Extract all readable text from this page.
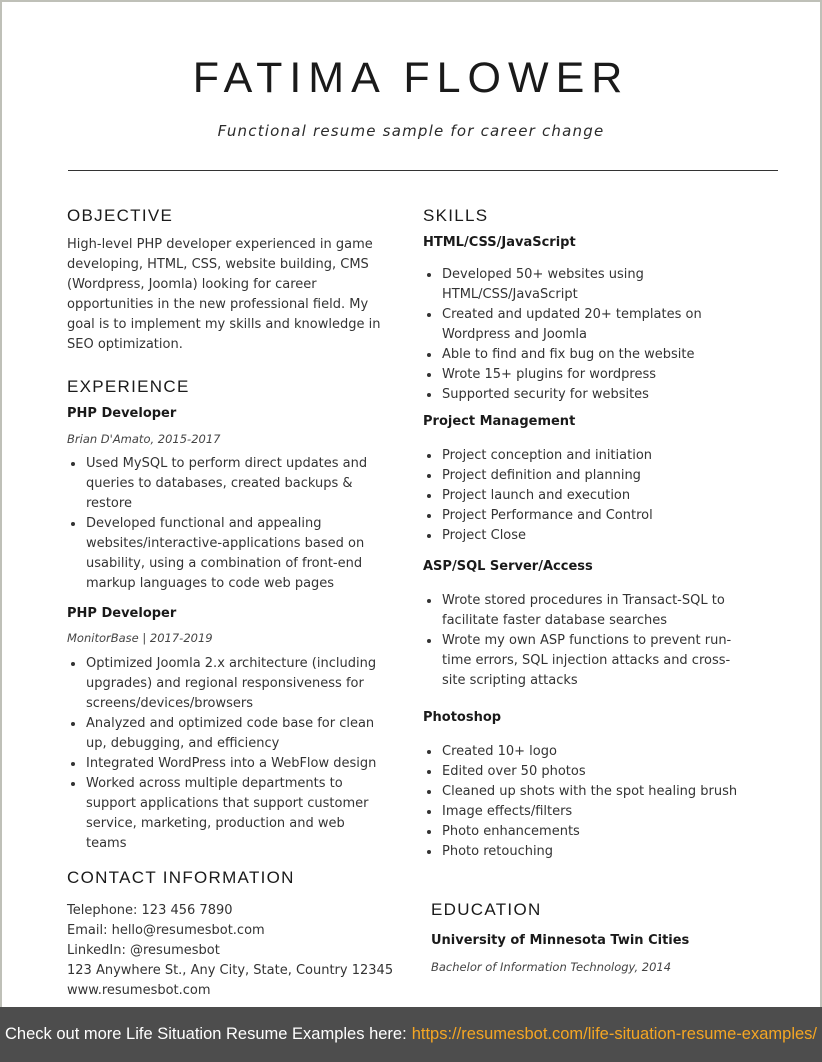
FATIMA FLOWER
Functional resume sample for career change
OBJECTIVE
High-level PHP developer experienced in game
developing, HTML, CSS, website building, CMS
(Wordpress, Joomla) looking for career
opportunities in the new professional field. My
goal is to implement my skills and knowledge in
SEO optimization.
EXPERIENCE
PHP Developer
Brian D'Amato, 2015-2017
Used MySQL to perform direct updates and
queries to databases, created backups &
restore
Developed functional and appealing
websites/interactive-applications based on
usability, using a combination of front-end
markup languages to code web pages
PHP Developer
MonitorBase | 2017-2019
Optimized Joomla 2.x architecture (including
upgrades) and regional responsiveness for
screens/devices/browsers
Analyzed and optimized code base for clean
up, debugging, and efficiency
Integrated WordPress into a WebFlow design
Worked across multiple departments to
support applications that support customer
service, marketing, production and web
teams
CONTACT INFORMATION
Telephone: 123 456 7890
Email: hello@resumesbot.com
LinkedIn: @resumesbot
123 Anywhere St., Any City, State, Country 12345
www.resumesbot.com
SKILLS
HTML/CSS/JavaScript
Developed 50+ websites using
HTML/CSS/JavaScript
Created and updated 20+ templates on
Wordpress and Joomla
Able to find and fix bug on the website
Wrote 15+ plugins for wordpress
Supported security for websites
Project Management
Project conception and initiation
Project definition and planning
Project launch and execution
Project Performance and Control
Project Close
ASP/SQL Server/Access
Wrote stored procedures in Transact-SQL to
facilitate faster database searches
Wrote my own ASP functions to prevent run-
time errors, SQL injection attacks and cross-
site scripting attacks
Photoshop
Created 10+ logo
Edited over 50 photos
Cleaned up shots with the spot healing brush
Image effects/filters
Photo enhancements
Photo retouching
EDUCATION
University of Minnesota Twin Cities
Bachelor of Information Technology, 2014
Check out more Life Situation Resume Examples here: https://resumesbot.com/life-situation-resume-examples/
